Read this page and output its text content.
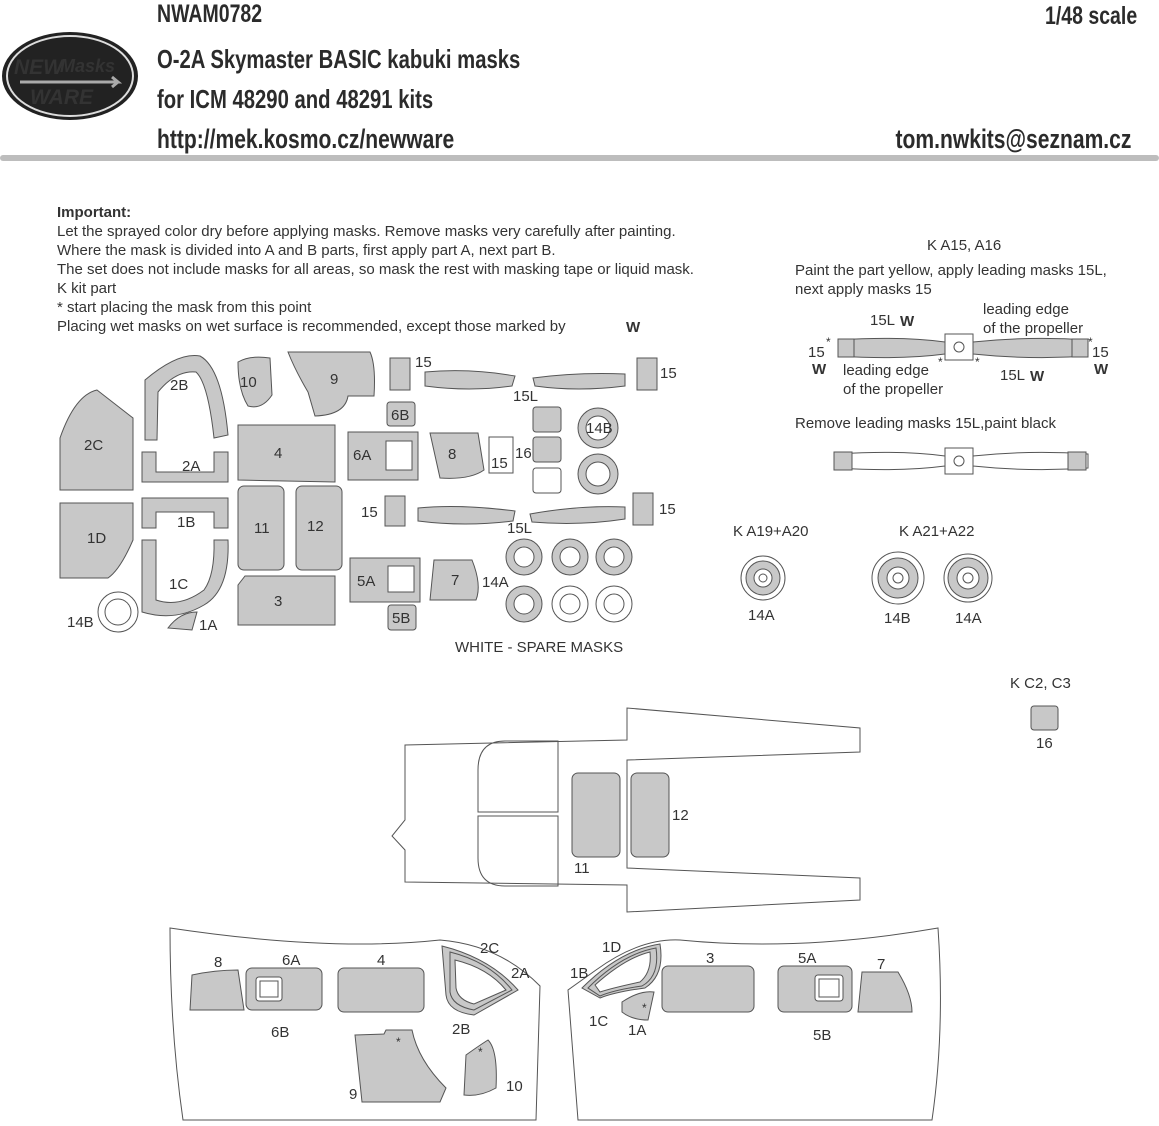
NEW
Masks
WARE
NWAM0782	1/48 scale
O-2A Skymaster BASIC kabuki masks
for ICM 48290 and 48291 kits
http://mek.kosmo.cz/newware	tom.nwkits@seznam.cz
Important:
Let the sprayed color dry before applying masks. Remove masks very carefully after painting.
Where the mask is divided into A and B parts, first apply part A, next part B.
The set does not include masks for all areas, so mask the rest with masking tape or liquid mask.
K kit part
* start placing the mask from this point
Placing wet masks on wet surface is recommended, except those marked by
K A15, A16
Paint the part yellow, apply leading masks 15L,
next apply masks 15
leading edge
of the propeller
leading edge
of the propeller
Remove leading masks 15L,paint black
K A19+A20	K A21+A22
K C2, C3
WHITE - SPARE MASKS
W
2C
1D
2B
2A
1B
1C
1A
14B
10	9
4
11 12
3
6B
6A	8
5A
5B
7
15
15L
15
15
15L
15
15
16
14B
14A
15L
15	15
15L
W
W	W
W
*	*
*	*
14A	14B	14A
16
12
11
8	6A
6B
4
2C
2A
2B
9
*
10
*
1D
1B
1C
1A
*
3	5A
5B
7
